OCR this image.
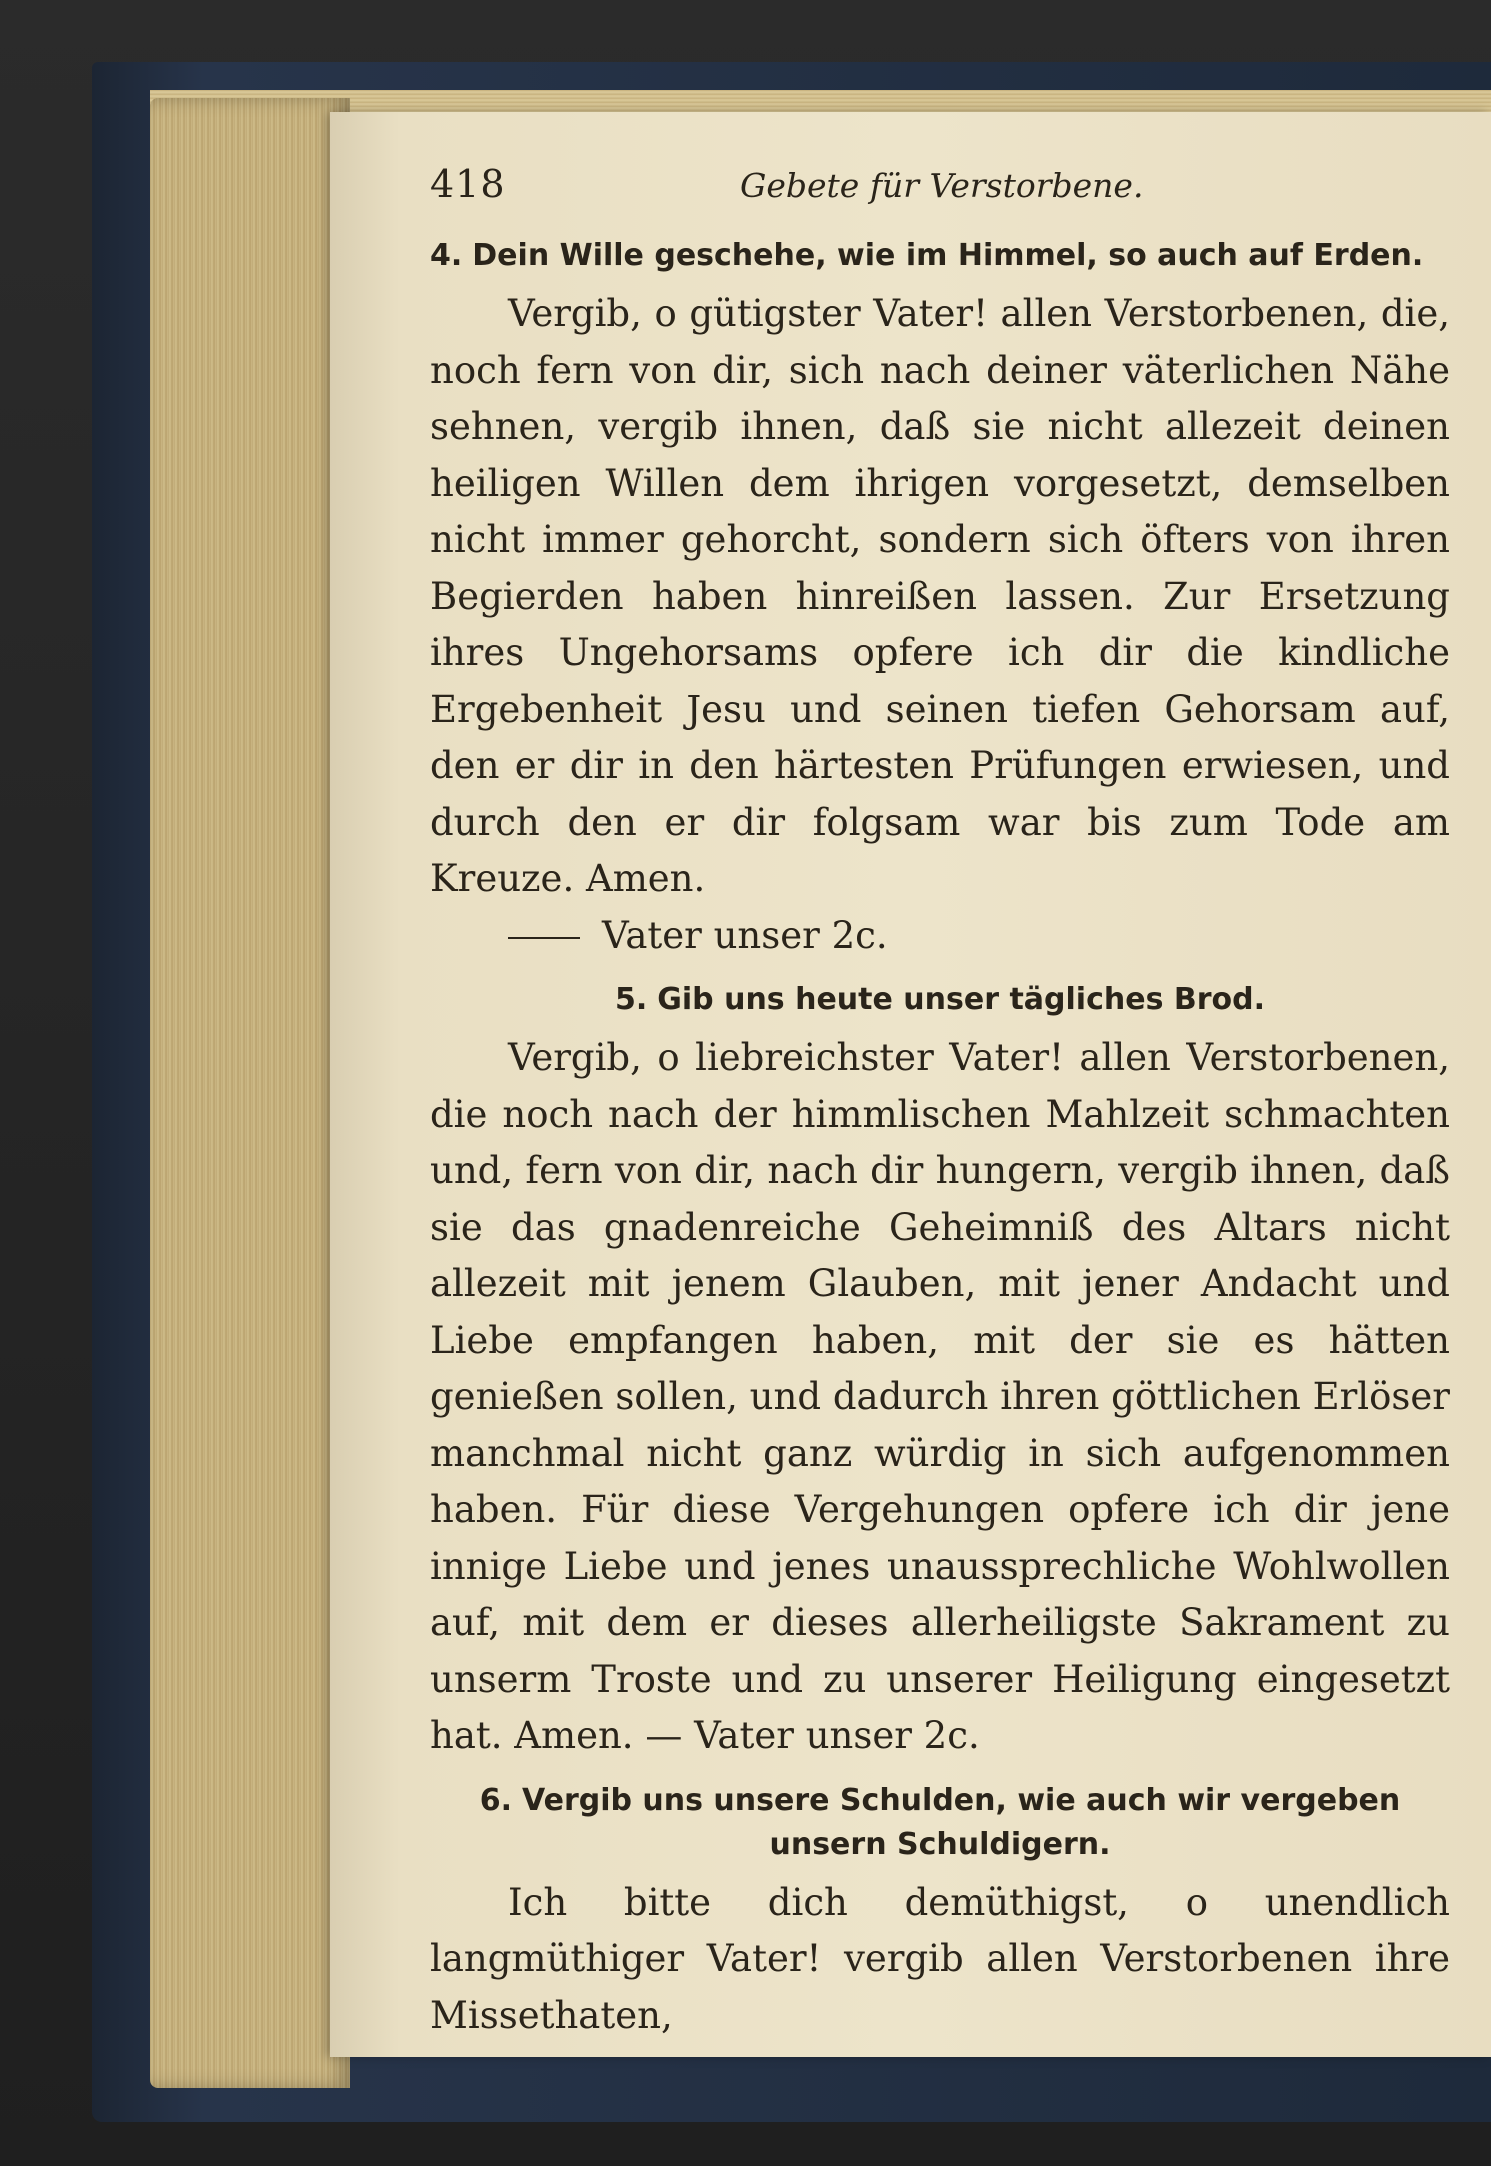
418	Gebete für Verstorbene.
4. Dein Wille geschehe, wie im Himmel, so auch auf Erden.

Vergib, o gütigster Vater! allen Verstorbenen, die, noch fern von dir, sich nach deiner väterlichen Nähe sehnen, vergib ihnen, daß sie nicht allezeit deinen heiligen Willen dem ihrigen vorgesetzt, demselben nicht immer gehorcht, sondern sich öfters von ihren Begierden haben hinreißen lassen. Zur Ersetzung ihres Ungehorsams opfere ich dir die kindliche Ergebenheit Jesu und seinen tiefen Gehorsam auf, den er dir in den härtesten Prüfungen erwiesen, und durch den er dir folgsam war bis zum Tode am Kreuze. Amen.
Vater unser 2c.

5. Gib uns heute unser tägliches Brod.

Vergib, o liebreichster Vater! allen Verstorbenen, die noch nach der himmlischen Mahlzeit schmachten und, fern von dir, nach dir hungern, vergib ihnen, daß sie das gnadenreiche Geheimniß des Altars nicht allezeit mit jenem Glauben, mit jener Andacht und Liebe empfangen haben, mit der sie es hätten genießen sollen, und dadurch ihren göttlichen Erlöser manchmal nicht ganz würdig in sich aufgenommen haben. Für diese Vergehungen opfere ich dir jene innige Liebe und jenes unaussprechliche Wohlwollen auf, mit dem er dieses allerheiligste Sakrament zu unserm Troste und zu unserer Heiligung eingesetzt hat. Amen. — Vater unser 2c.

6. Vergib uns unsere Schulden, wie auch wir vergeben unsern Schuldigern.

Ich bitte dich demüthigst, o unendlich langmüthiger Vater! vergib allen Verstorbenen ihre Missethaten,
